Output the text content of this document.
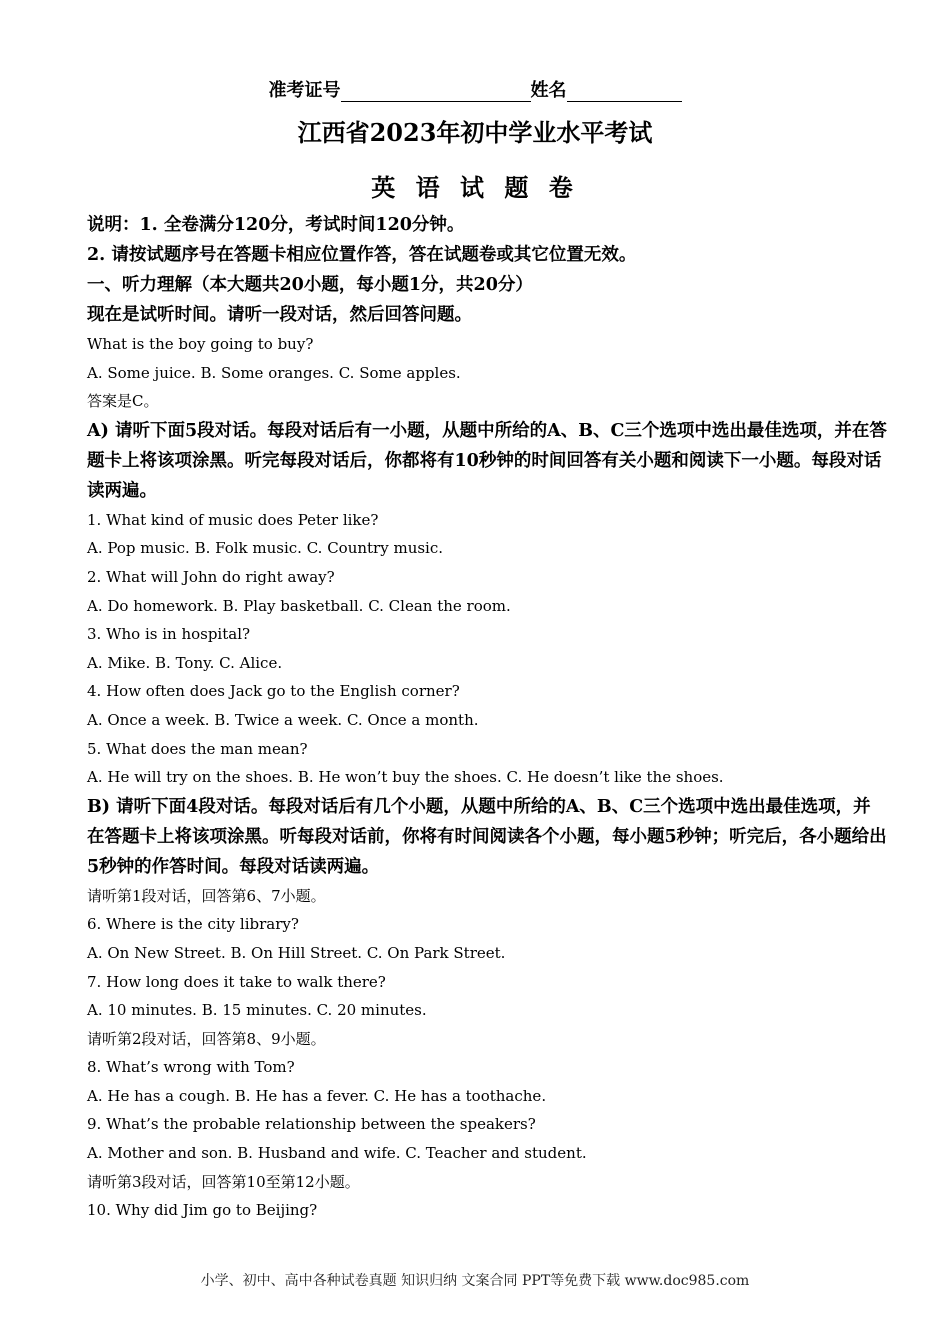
准考证号	姓名
江西省2023年初中学业水平考试
英 语 试 题 卷
说明：1. 全卷满分120分，考试时间120分钟。
2. 请按试题序号在答题卡相应位置作答，答在试题卷或其它位置无效。
一、听力理解（本大题共20小题，每小题1分，共20分）
现在是试听时间。请听一段对话，然后回答问题。
What is the boy going to buy?
A. Some juice. B. Some oranges. C. Some apples.
答案是C。
A) 请听下面5段对话。每段对话后有一小题，从题中所给的A、B、C三个选项中选出最佳选项，并在答题卡上将该项涂黑。听完每段对话后，你都将有10秒钟的时间回答有关小题和阅读下一小题。每段对话读两遍。
1. What kind of music does Peter like?
A. Pop music. B. Folk music. C. Country music.
2. What will John do right away?
A. Do homework. B. Play basketball. C. Clean the room.
3. Who is in hospital?
A. Mike. B. Tony. C. Alice.
4. How often does Jack go to the English corner?
A. Once a week. B. Twice a week. C. Once a month.
5. What does the man mean?
A. He will try on the shoes. B. He won’t buy the shoes. C. He doesn’t like the shoes.
B) 请听下面4段对话。每段对话后有几个小题，从题中所给的A、B、C三个选项中选出最佳选项，并在答题卡上将该项涂黑。听每段对话前，你将有时间阅读各个小题，每小题5秒钟；听完后，各小题给出5秒钟的作答时间。每段对话读两遍。
请听第1段对话，回答第6、7小题。
6. Where is the city library?
A. On New Street. B. On Hill Street. C. On Park Street.
7. How long does it take to walk there?
A. 10 minutes. B. 15 minutes. C. 20 minutes.
请听第2段对话，回答第8、9小题。
8. What’s wrong with Tom?
A. He has a cough. B. He has a fever. C. He has a toothache.
9. What’s the probable relationship between the speakers?
A. Mother and son. B. Husband and wife. C. Teacher and student.
请听第3段对话，回答第10至第12小题。
10. Why did Jim go to Beijing?
小学、初中、高中各种试卷真题 知识归纳 文案合同 PPT等免费下载 www.doc985.com
